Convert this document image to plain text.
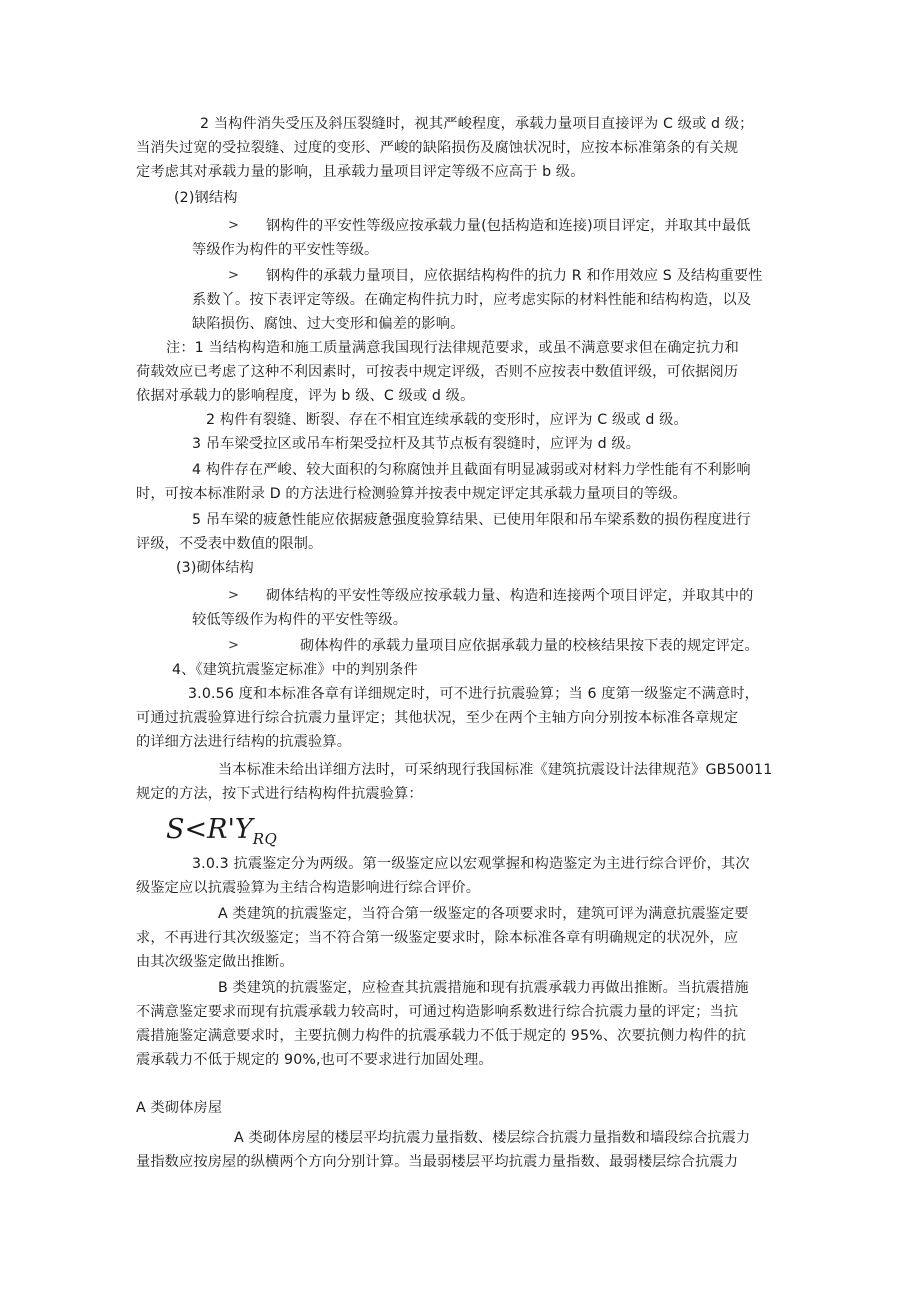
2 当构件消失受压及斜压裂缝时，视其严峻程度，承载力量项目直接评为 C 级或 d 级；
当消失过宽的受拉裂缝、过度的变形、严峻的缺陷损伤及腐蚀状况时，应按本标准第条的有关规
定考虑其对承载力量的影响，且承载力量项目评定等级不应高于 b 级。
(2)钢结构
> 钢构件的平安性等级应按承载力量(包括构造和连接)项目评定，并取其中最低
等级作为构件的平安性等级。
> 钢构件的承载力量项目，应依据结构构件的抗力 R 和作用效应 S 及结构重要性
系数丫。按下表评定等级。在确定构件抗力时，应考虑实际的材料性能和结构构造，以及
缺陷损伤、腐蚀、过大变形和偏差的影响。
注：1 当结构构造和施工质量满意我国现行法律规范要求，或虽不满意要求但在确定抗力和
荷载效应已考虑了这种不利因素时，可按表中规定评级，否则不应按表中数值评级，可依据阅历
依据对承载力的影响程度，评为 b 级、C 级或 d 级。
2 构件有裂缝、断裂、存在不相宜连续承载的变形时，应评为 C 级或 d 级。
3 吊车梁受拉区或吊车桁架受拉杆及其节点板有裂缝时，应评为 d 级。
4 构件存在严峻、较大面积的匀称腐蚀并且截面有明显减弱或对材料力学性能有不利影响
时，可按本标准附录 D 的方法进行检测验算并按表中规定评定其承载力量项目的等级。
5 吊车梁的疲惫性能应依据疲惫强度验算结果、已使用年限和吊车梁系数的损伤程度进行
评级，不受表中数值的限制。
(3)砌体结构
> 砌体结构的平安性等级应按承载力量、构造和连接两个项目评定，并取其中的
较低等级作为构件的平安性等级。
>	砌体构件的承载力量项目应依据承载力量的校核结果按下表的规定评定。
4、《建筑抗震鉴定标准》中的判别条件
3.0.56 度和本标准各章有详细规定时，可不进行抗震验算；当 6 度第一级鉴定不满意时，
可通过抗震验算进行综合抗震力量评定；其他状况，至少在两个主轴方向分别按本标准各章规定
的详细方法进行结构的抗震验算。
当本标准未给出详细方法时，可采纳现行我国标准《建筑抗震设计法律规范》GB50011
规定的方法，按下式进行结构构件抗震验算：
$S<R'Y_{RQ}$
3.0.3 抗震鉴定分为两级。第一级鉴定应以宏观掌握和构造鉴定为主进行综合评价，其次
级鉴定应以抗震验算为主结合构造影响进行综合评价。
A 类建筑的抗震鉴定，当符合第一级鉴定的各项要求时，建筑可评为满意抗震鉴定要
求，不再进行其次级鉴定；当不符合第一级鉴定要求时，除本标准各章有明确规定的状况外，应
由其次级鉴定做出推断。
B 类建筑的抗震鉴定，应检查其抗震措施和现有抗震承载力再做出推断。当抗震措施
不满意鉴定要求而现有抗震承载力较高时，可通过构造影响系数进行综合抗震力量的评定；当抗
震措施鉴定满意要求时，主要抗侧力构件的抗震承载力不低于规定的 95%、次要抗侧力构件的抗
震承载力不低于规定的 90%,也可不要求进行加固处理。
A 类砌体房屋
A 类砌体房屋的楼层平均抗震力量指数、楼层综合抗震力量指数和墙段综合抗震力
量指数应按房屋的纵横两个方向分别计算。当最弱楼层平均抗震力量指数、最弱楼层综合抗震力
